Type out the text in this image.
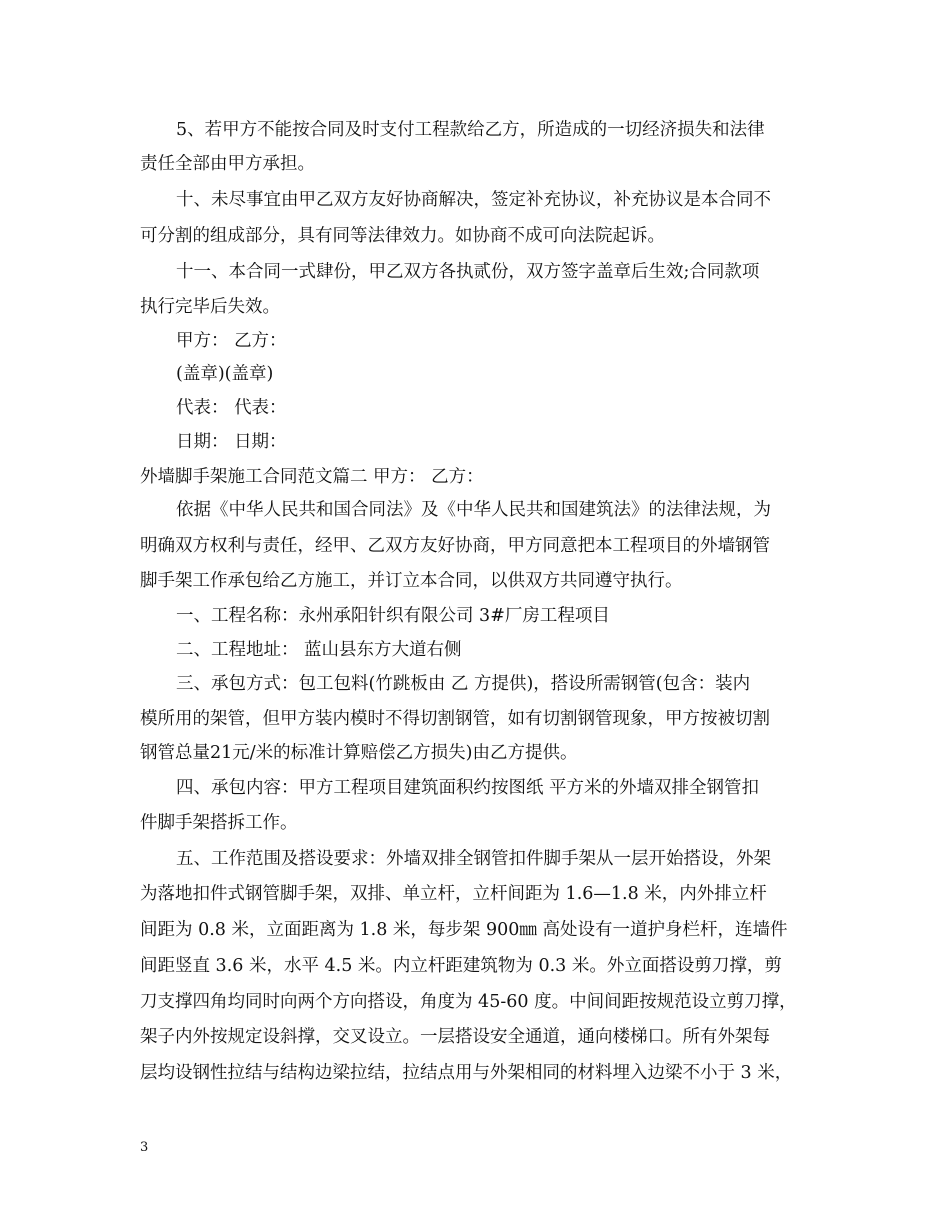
5、若甲方不能按合同及时支付工程款给乙方，所造成的一切经济损失和法律

责任全部由甲方承担。

十、未尽事宜由甲乙双方友好协商解决，签定补充协议，补充协议是本合同不

可分割的组成部分，具有同等法律效力。如协商不成可向法院起诉。

十一、本合同一式肆份，甲乙双方各执贰份，双方签字盖章后生效;合同款项

执行完毕后失效。

甲方： 乙方：

(盖章)(盖章)

代表： 代表：

日期： 日期：

外墙脚手架施工合同范文篇二 甲方： 乙方：

依据《中华人民共和国合同法》及《中华人民共和国建筑法》的法律法规，为

明确双方权利与责任，经甲、乙双方友好协商，甲方同意把本工程项目的外墙钢管

脚手架工作承包给乙方施工，并订立本合同，以供双方共同遵守执行。

一、工程名称：永州承阳针织有限公司 3#厂房工程项目

二、工程地址： 蓝山县东方大道右侧

三、承包方式：包工包料(竹跳板由 乙 方提供)，搭设所需钢管(包含：装内

模所用的架管，但甲方装内模时不得切割钢管，如有切割钢管现象，甲方按被切割

钢管总量21元/米的标准计算赔偿乙方损失)由乙方提供。

四、承包内容：甲方工程项目建筑面积约按图纸 平方米的外墙双排全钢管扣

件脚手架搭拆工作。

五、工作范围及搭设要求：外墙双排全钢管扣件脚手架从一层开始搭设，外架

为落地扣件式钢管脚手架，双排、单立杆，立杆间距为 1.6—1.8 米，内外排立杆

间距为 0.8 米，立面距离为 1.8 米，每步架 900㎜ 高处设有一道护身栏杆，连墙件

间距竖直 3.6 米，水平 4.5 米。内立杆距建筑物为 0.3 米。外立面搭设剪刀撑，剪

刀支撑四角均同时向两个方向搭设，角度为 45-60 度。中间间距按规范设立剪刀撑，

架子内外按规定设斜撑，交叉设立。一层搭设安全通道，通向楼梯口。所有外架每

层均设钢性拉结与结构边梁拉结，拉结点用与外架相同的材料埋入边梁不小于 3 米，

3
